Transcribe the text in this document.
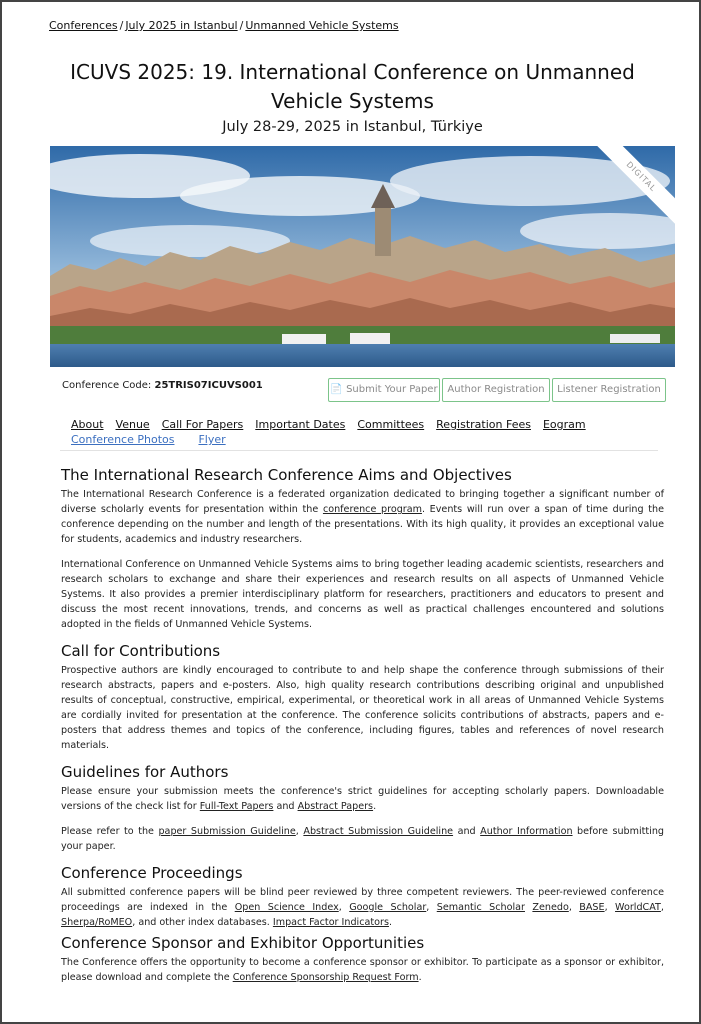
Conferences / July 2025 in Istanbul / Unmanned Vehicle Systems
ICUVS 2025: 19. International Conference on Unmanned Vehicle Systems
July 28-29, 2025 in Istanbul, Türkiye
DIGITAL
Conference Code: 25TRIS07ICUVS001	📄 Submit Your Paper Author Registration	Listener Registration
About Venue Call For Papers Important Dates Committees Registration Fees Eogram
Conference Photos Flyer
The International Research Conference Aims and Objectives

The International Research Conference is a federated organization dedicated to bringing together a significant number of diverse scholarly events for presentation within the conference program. Events will run over a span of time during the conference depending on the number and length of the presentations. With its high quality, it provides an exceptional value for students, academics and industry researchers.

International Conference on Unmanned Vehicle Systems aims to bring together leading academic scientists, researchers and research scholars to exchange and share their experiences and research results on all aspects of Unmanned Vehicle Systems. It also provides a premier interdisciplinary platform for researchers, practitioners and educators to present and discuss the most recent innovations, trends, and concerns as well as practical challenges encountered and solutions adopted in the fields of Unmanned Vehicle Systems.

Call for Contributions

Prospective authors are kindly encouraged to contribute to and help shape the conference through submissions of their research abstracts, papers and e-posters. Also, high quality research contributions describing original and unpublished results of conceptual, constructive, empirical, experimental, or theoretical work in all areas of Unmanned Vehicle Systems are cordially invited for presentation at the conference. The conference solicits contributions of abstracts, papers and e-posters that address themes and topics of the conference, including figures, tables and references of novel research materials.

Guidelines for Authors

Please ensure your submission meets the conference's strict guidelines for accepting scholarly papers. Downloadable versions of the check list for Full-Text Papers and Abstract Papers.

Please refer to the paper Submission Guideline, Abstract Submission Guideline and Author Information before submitting your paper.

Conference Proceedings

All submitted conference papers will be blind peer reviewed by three competent reviewers. The peer-reviewed conference proceedings are indexed in the Open Science Index, Google Scholar, Semantic Scholar Zenedo, BASE, WorldCAT, Sherpa/RoMEO, and other index databases. Impact Factor Indicators.

Conference Sponsor and Exhibitor Opportunities

The Conference offers the opportunity to become a conference sponsor or exhibitor. To participate as a sponsor or exhibitor, please download and complete the Conference Sponsorship Request Form.
